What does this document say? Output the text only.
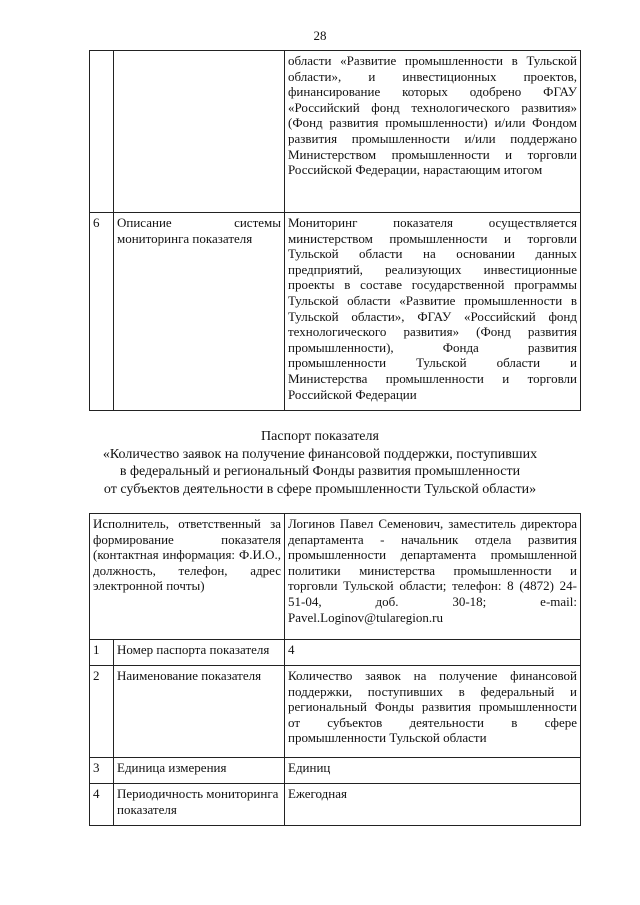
28
		области «Развитие промышленности в Тульской области», и инвестиционных проектов, финансирование которых одобрено ФГАУ «Российский фонд технологического развития» (Фонд развития промышленности) и/или Фондом развития промышленности и/или поддержано Министерством промышленности и торговли Российской Федерации, нарастающим итогом
6	Описание системы мониторинга показателя	Мониторинг показателя осуществляется министерством промышленности и торговли Тульской области на основании данных предприятий, реализующих инвестиционные проекты в составе государственной программы Тульской области «Развитие промышленности в Тульской области», ФГАУ «Российский фонд технологического развития» (Фонд развития промышленности), Фонда развития промышленности Тульской области и Министерства промышленности и торговли Российской Федерации
Паспорт показателя
«Количество заявок на получение финансовой поддержки, поступивших
в федеральный и региональный Фонды развития промышленности
от субъектов деятельности в сфере промышленности Тульской области»
Исполнитель, ответственный за формирование показателя (контактная информация: Ф.И.О., должность, телефон, адрес электронной почты)		Логинов Павел Семенович, заместитель директора департамента - начальник отдела развития промышленности департамента промышленной политики министерства промышленности и торговли Тульской области; телефон: 8 (4872) 24-51-04, доб. 30-18; e-mail: Pavel.Loginov@tularegion.ru
1	Номер паспорта показателя	4
2	Наименование показателя	Количество заявок на получение финансовой поддержки, поступивших в федеральный и региональный Фонды развития промышленности от субъектов деятельности в сфере промышленности Тульской области
3	Единица измерения	Единиц
4	Периодичность мониторинга показателя	Ежегодная
